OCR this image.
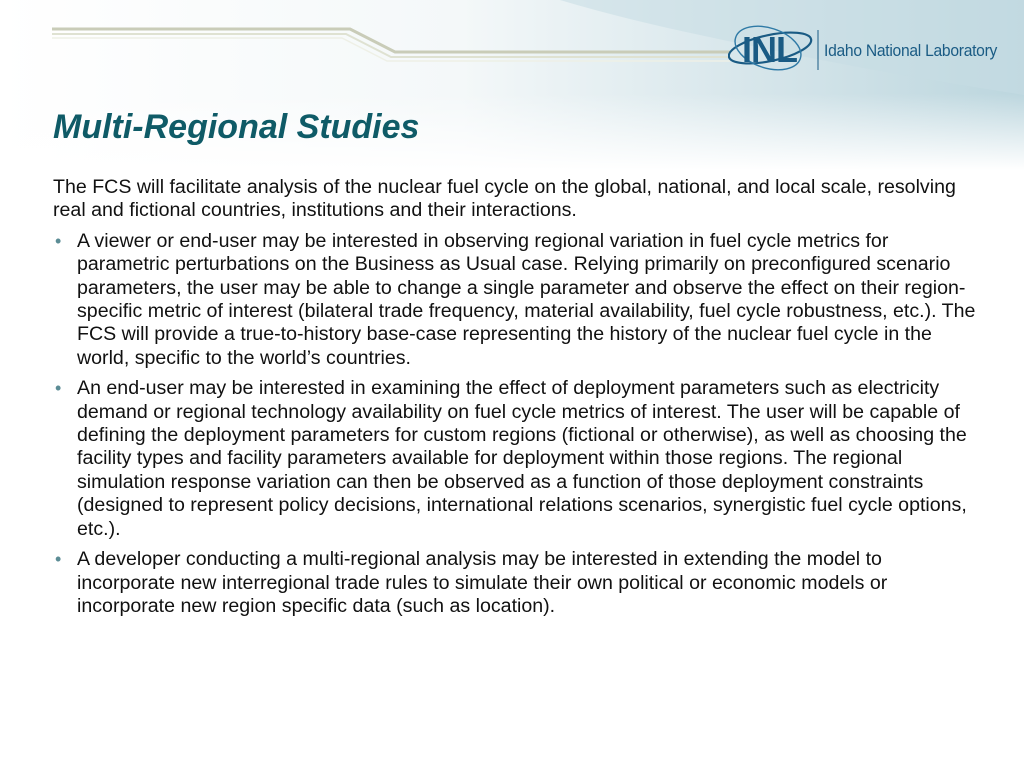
INL Idaho National Laboratory
Multi-Regional Studies

The FCS will facilitate analysis of the nuclear fuel cycle on the global, national, and local scale, resolving real and fictional countries, institutions and their interactions.

• A viewer or end-user may be interested in observing regional variation in fuel cycle metrics for parametric perturbations on the Business as Usual case. Relying primarily on preconfigured scenario parameters, the user may be able to change a single parameter and observe the effect on their region-specific metric of interest (bilateral trade frequency, material availability, fuel cycle robustness, etc.). The FCS will provide a true-to-history base-case representing the history of the nuclear fuel cycle in the world, specific to the world’s countries.
• An end-user may be interested in examining the effect of deployment parameters such as electricity demand or regional technology availability on fuel cycle metrics of interest. The user will be capable of defining the deployment parameters for custom regions (fictional or otherwise), as well as choosing the facility types and facility parameters available for deployment within those regions. The regional simulation response variation can then be observed as a function of those deployment constraints (designed to represent policy decisions, international relations scenarios, synergistic fuel cycle options, etc.).
• A developer conducting a multi-regional analysis may be interested in extending the model to incorporate new interregional trade rules to simulate their own political or economic models or incorporate new region specific data (such as location).
